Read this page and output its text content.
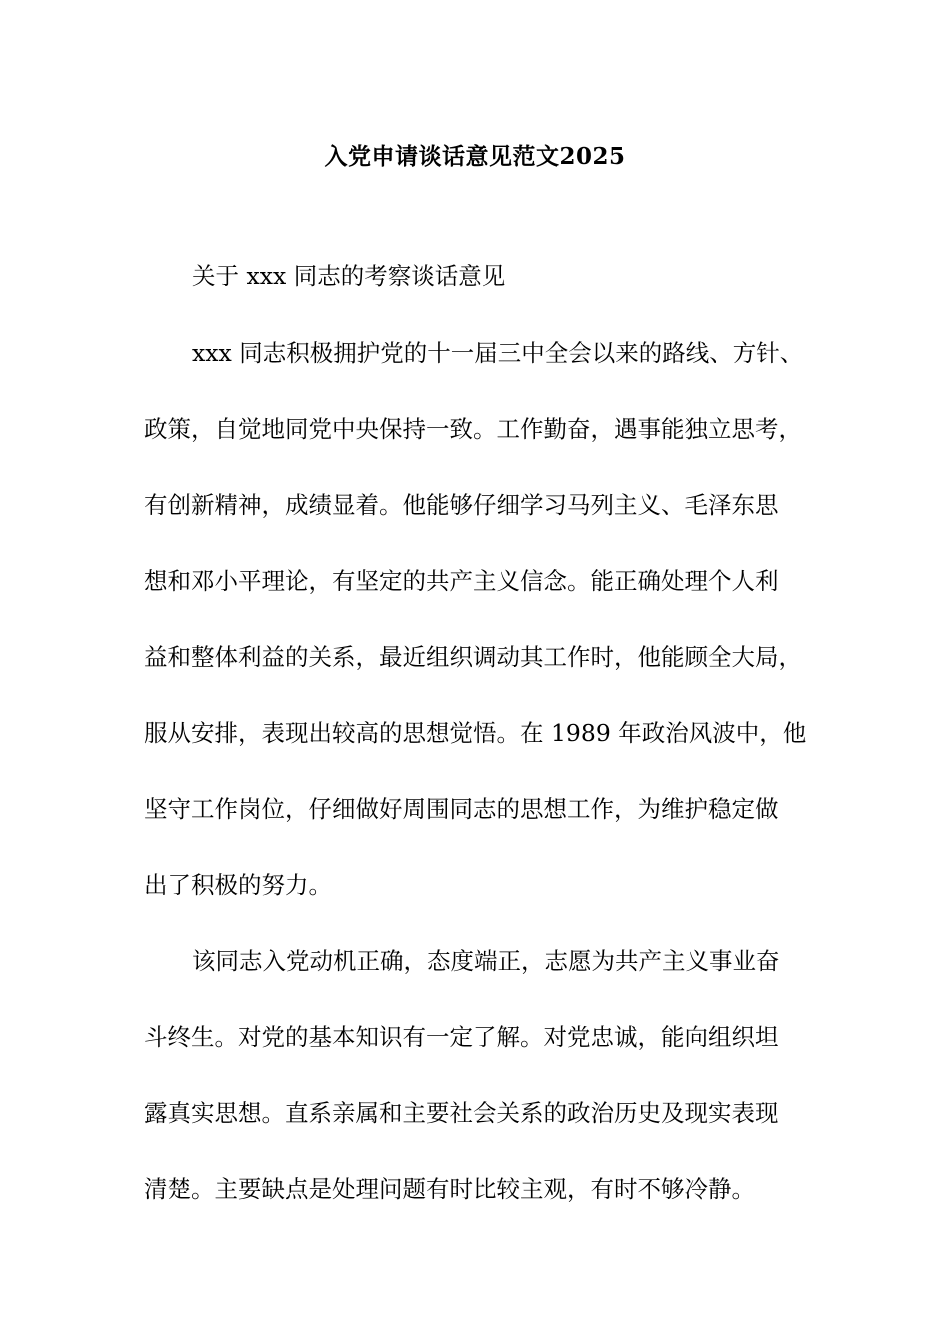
入党申请谈话意见范文2025
关于 xxx 同志的考察谈话意见
xxx 同志积极拥护党的十一届三中全会以来的路线、方针、
政策，自觉地同党中央保持一致。工作勤奋，遇事能独立思考，
有创新精神，成绩显着。他能够仔细学习马列主义、毛泽东思
想和邓小平理论，有坚定的共产主义信念。能正确处理个人利
益和整体利益的关系，最近组织调动其工作时，他能顾全大局，
服从安排，表现出较高的思想觉悟。在 1989 年政治风波中，他
坚守工作岗位，仔细做好周围同志的思想工作，为维护稳定做
出了积极的努力。
该同志入党动机正确，态度端正，志愿为共产主义事业奋
斗终生。对党的基本知识有一定了解。对党忠诚，能向组织坦
露真实思想。直系亲属和主要社会关系的政治历史及现实表现
清楚。主要缺点是处理问题有时比较主观，有时不够冷静。
